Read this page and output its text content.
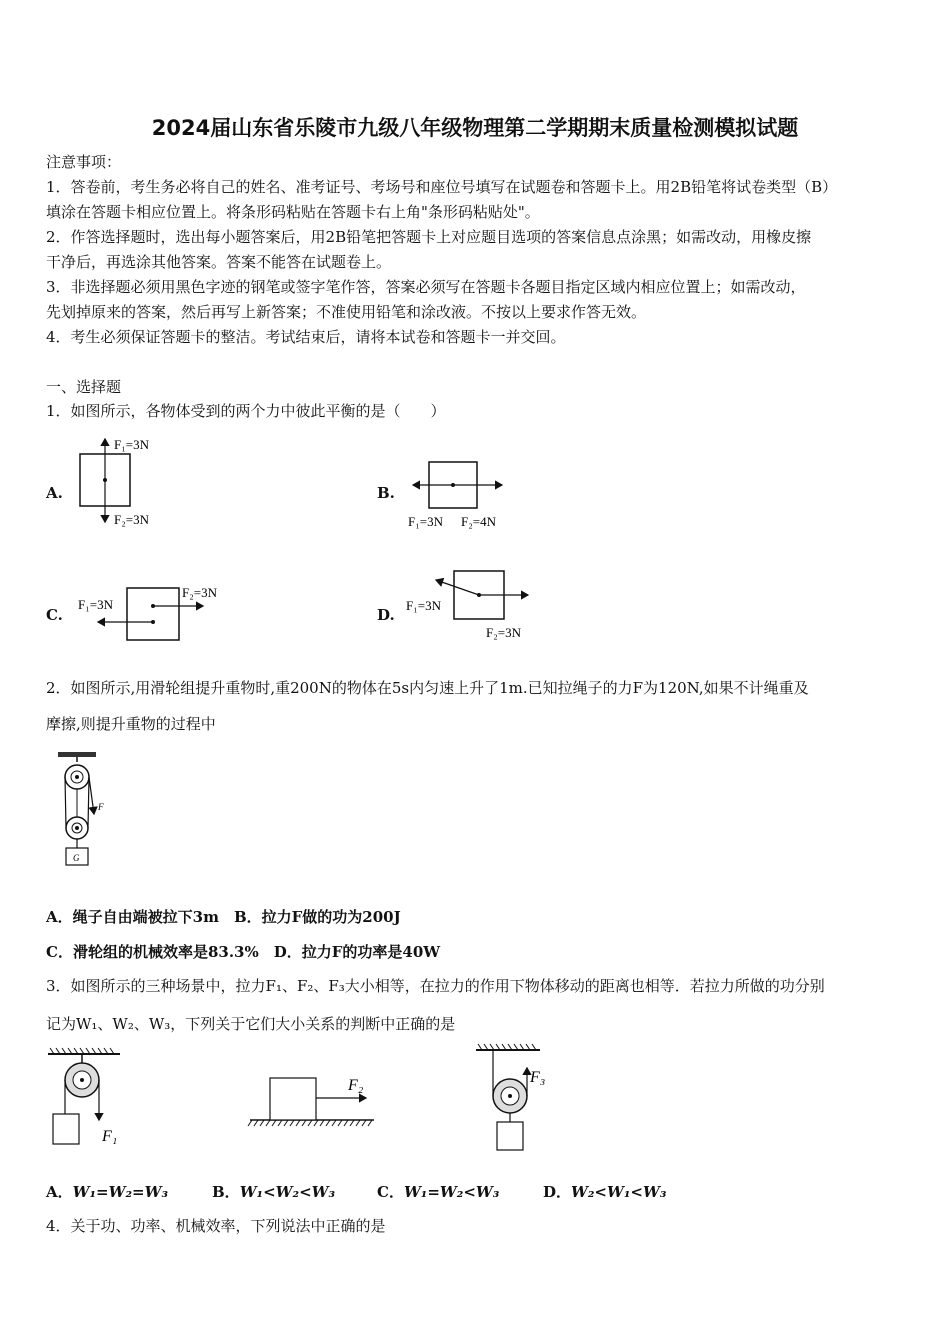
2024届山东省乐陵市九级八年级物理第二学期期末质量检测模拟试题
注意事项：
1．答卷前，考生务必将自己的姓名、准考证号、考场号和座位号填写在试题卷和答题卡上。用2B铅笔将试卷类型（B）
填涂在答题卡相应位置上。将条形码粘贴在答题卡右上角"条形码粘贴处"。
2．作答选择题时，选出每小题答案后，用2B铅笔把答题卡上对应题目选项的答案信息点涂黑；如需改动，用橡皮擦
干净后，再选涂其他答案。答案不能答在试题卷上。
3．非选择题必须用黑色字迹的钢笔或签字笔作答，答案必须写在答题卡各题目指定区域内相应位置上；如需改动，
先划掉原来的答案，然后再写上新答案；不准使用铅笔和涂改液。不按以上要求作答无效。
4．考生必须保证答题卡的整洁。考试结束后，请将本试卷和答题卡一并交回。
一、选择题
1．如图所示，各物体受到的两个力中彼此平衡的是（　　）
A.
F₁=3N
F₂=3N
B.
F₁=3N F₂=4N
C.
F₁=3N
F₂=3N
D.
F₁=3N
F₂=3N
2．如图所示,用滑轮组提升重物时,重200N的物体在5s内匀速上升了1m.已知拉绳子的力F为120N,如果不计绳重及
摩擦,则提升重物的过程中
F
G
A．绳子自由端被拉下3m　B．拉力F做的功为200J
C．滑轮组的机械效率是83.3%　D．拉力F的功率是40W
3．如图所示的三种场景中，拉力F₁、F₂、F₃大小相等，在拉力的作用下物体移动的距离也相等．若拉力所做的功分别
记为W₁、W₂、W₃，下列关于它们大小关系的判断中正确的是
F₁
F₂	F₃
A．W₁=W₂=W₃	B．W₁<W₂<W₃	C．W₁=W₂<W₃	D．W₂<W₁<W₃
4．关于功、功率、机械效率，下列说法中正确的是
